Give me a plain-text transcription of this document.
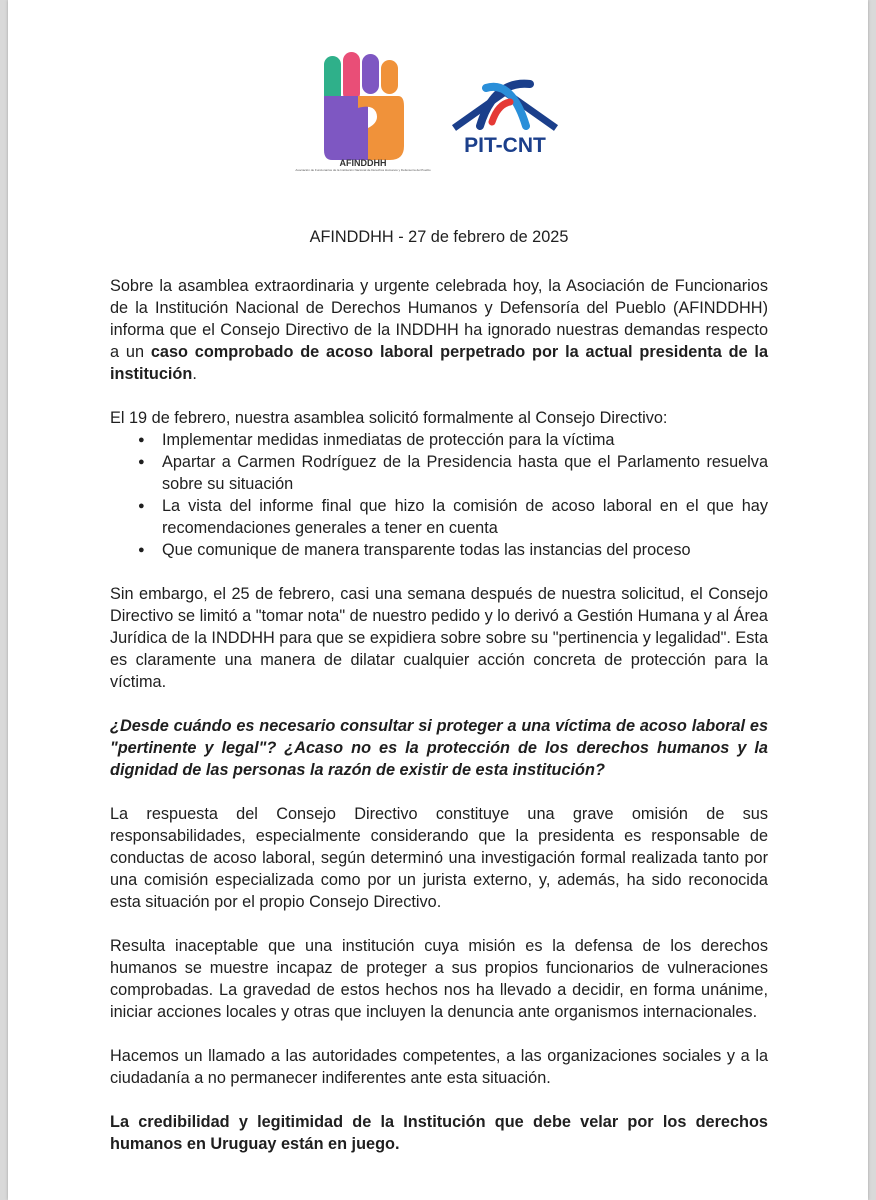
AFINDDHH
Asociación de Funcionarios de la Institución Nacional de Derechos Humanos y Defensoría del Pueblo
PIT-CNT
AFINDDHH - 27 de febrero de 2025

Sobre la asamblea extraordinaria y urgente celebrada hoy, la Asociación de Funcionarios de la Institución Nacional de Derechos Humanos y Defensoría del Pueblo (AFINDDHH) informa que el Consejo Directivo de la INDDHH ha ignorado nuestras demandas respecto a un caso comprobado de acoso laboral perpetrado por la actual presidenta de la institución.

El 19 de febrero, nuestra asamblea solicitó formalmente al Consejo Directivo:

● Implementar medidas inmediatas de protección para la víctima
● Apartar a Carmen Rodríguez de la Presidencia hasta que el Parlamento resuelva sobre su situación
● La vista del informe final que hizo la comisión de acoso laboral en el que hay recomendaciones generales a tener en cuenta
● Que comunique de manera transparente todas las instancias del proceso

Sin embargo, el 25 de febrero, casi una semana después de nuestra solicitud, el Consejo Directivo se limitó a "tomar nota" de nuestro pedido y lo derivó a Gestión Humana y al Área Jurídica de la INDDHH para que se expidiera sobre sobre su "pertinencia y legalidad". Esta es claramente una manera de dilatar cualquier acción concreta de protección para la víctima.

¿Desde cuándo es necesario consultar si proteger a una víctima de acoso laboral es "pertinente y legal"? ¿Acaso no es la protección de los derechos humanos y la dignidad de las personas la razón de existir de esta institución?

La respuesta del Consejo Directivo constituye una grave omisión de sus responsabilidades, especialmente considerando que la presidenta es responsable de conductas de acoso laboral, según determinó una investigación formal realizada tanto por una comisión especializada como por un jurista externo, y, además, ha sido reconocida esta situación por el propio Consejo Directivo.

Resulta inaceptable que una institución cuya misión es la defensa de los derechos humanos se muestre incapaz de proteger a sus propios funcionarios de vulneraciones comprobadas. La gravedad de estos hechos nos ha llevado a decidir, en forma unánime, iniciar acciones locales y otras que incluyen la denuncia ante organismos internacionales.

Hacemos un llamado a las autoridades competentes, a las organizaciones sociales y a la ciudadanía a no permanecer indiferentes ante esta situación.

La credibilidad y legitimidad de la Institución que debe velar por los derechos humanos en Uruguay están en juego.
